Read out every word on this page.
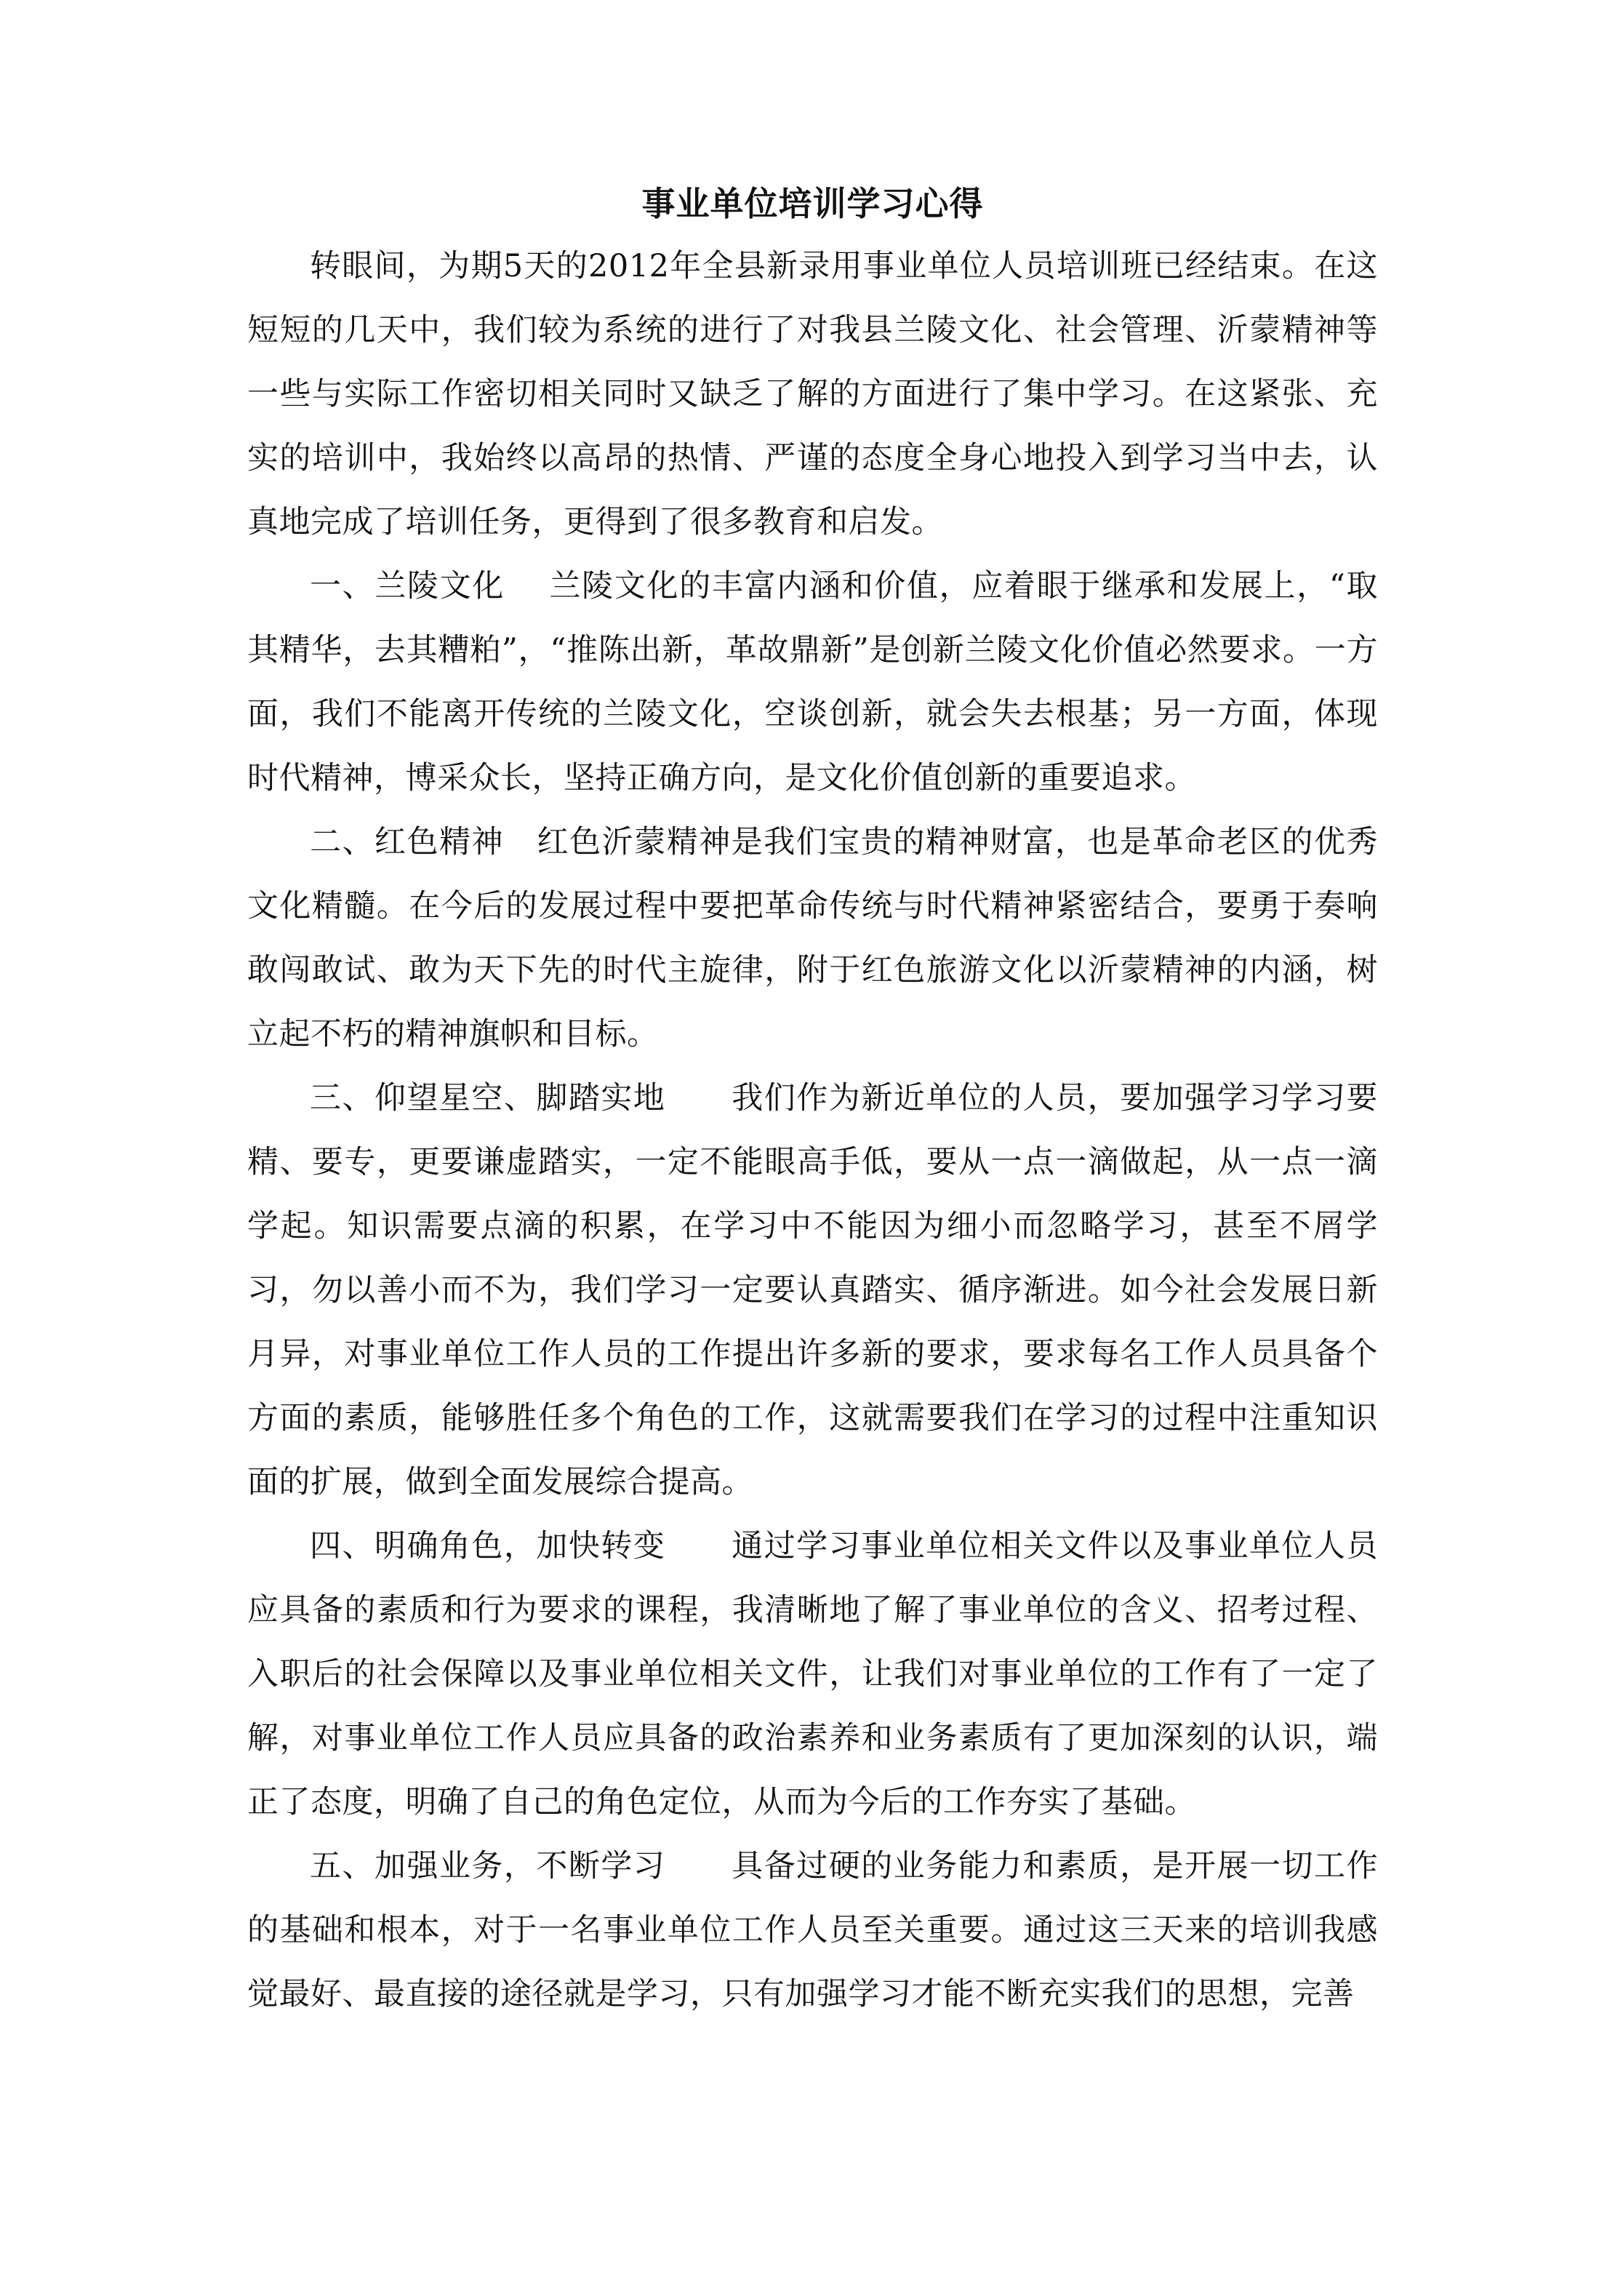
事业单位培训学习心得

转眼间，为期5天的2012年全县新录用事业单位人员培训班已经结束。在这短短的几天中，我们较为系统的进行了对我县兰陵文化、社会管理、沂蒙精神等一些与实际工作密切相关同时又缺乏了解的方面进行了集中学习。在这紧张、充实的培训中，我始终以高昂的热情、严谨的态度全身心地投入到学习当中去，认真地完成了培训任务，更得到了很多教育和启发。

一、兰陵文化 兰陵文化的丰富内涵和价值，应着眼于继承和发展上，“取其精华，去其糟粕”，“推陈出新，革故鼎新”是创新兰陵文化价值必然要求。一方面，我们不能离开传统的兰陵文化，空谈创新，就会失去根基；另一方面，体现时代精神，博采众长，坚持正确方向，是文化价值创新的重要追求。

二、红色精神 红色沂蒙精神是我们宝贵的精神财富，也是革命老区的优秀文化精髓。在今后的发展过程中要把革命传统与时代精神紧密结合，要勇于奏响敢闯敢试、敢为天下先的时代主旋律，附于红色旅游文化以沂蒙精神的内涵，树立起不朽的精神旗帜和目标。

三、仰望星空、脚踏实地 我们作为新近单位的人员，要加强学习学习要精、要专，更要谦虚踏实，一定不能眼高手低，要从一点一滴做起，从一点一滴学起。知识需要点滴的积累，在学习中不能因为细小而忽略学习，甚至不屑学习，勿以善小而不为，我们学习一定要认真踏实、循序渐进。如今社会发展日新月异，对事业单位工作人员的工作提出许多新的要求，要求每名工作人员具备个方面的素质，能够胜任多个角色的工作，这就需要我们在学习的过程中注重知识面的扩展，做到全面发展综合提高。

四、明确角色，加快转变 通过学习事业单位相关文件以及事业单位人员应具备的素质和行为要求的课程，我清晰地了解了事业单位的含义、招考过程、入职后的社会保障以及事业单位相关文件，让我们对事业单位的工作有了一定了解，对事业单位工作人员应具备的政治素养和业务素质有了更加深刻的认识，端正了态度，明确了自己的角色定位，从而为今后的工作夯实了基础。

五、加强业务，不断学习 具备过硬的业务能力和素质，是开展一切工作的基础和根本，对于一名事业单位工作人员至关重要。通过这三天来的培训我感觉最好、最直接的途径就是学习，只有加强学习才能不断充实我们的思想，完善
